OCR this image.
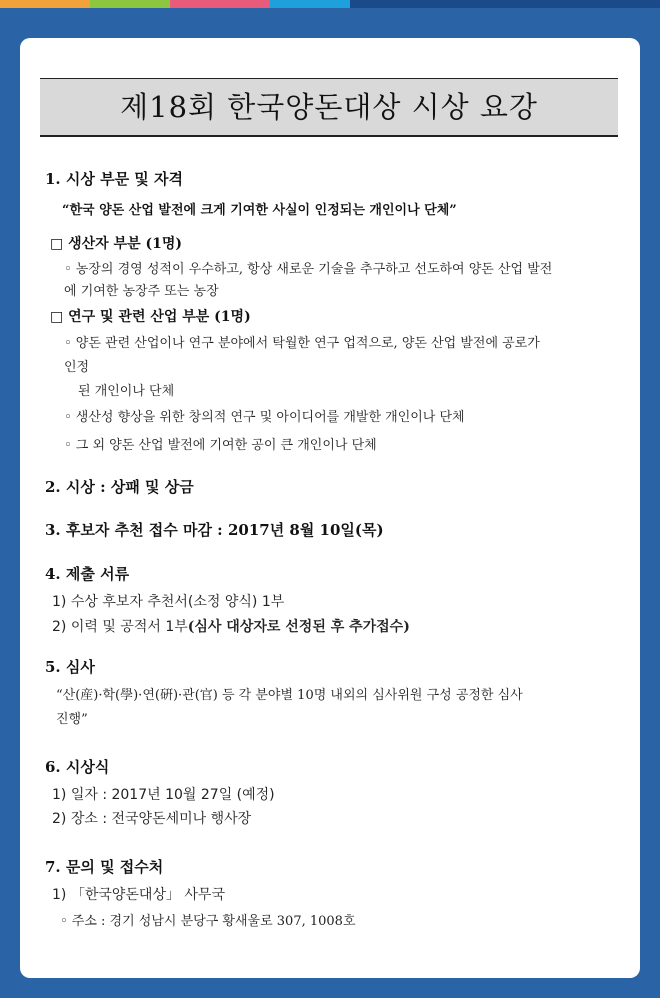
제18회 한국양돈대상 시상 요강
1. 시상 부문 및 자격
“한국 양돈 산업 발전에 크게 기여한 사실이 인정되는 개인이나 단체”
□ 생산자 부분 (1명)
◦ 농장의 경영 성적이 우수하고, 항상 새로운 기술을 추구하고 선도하여 양돈 산업 발전
에 기여한 농장주 또는 농장
□ 연구 및 관련 산업 부분 (1명)
◦ 양돈 관련 산업이나 연구 분야에서 탁월한 연구 업적으로, 양돈 산업 발전에 공로가
인정
된 개인이나 단체
◦ 생산성 향상을 위한 창의적 연구 및 아이디어를 개발한 개인이나 단체
◦ 그 외 양돈 산업 발전에 기여한 공이 큰 개인이나 단체
2. 시상 : 상패 및 상금
3. 후보자 추천 접수 마감 : 2017년 8월 10일(목)
4. 제출 서류
1) 수상 후보자 추천서(소정 양식) 1부
2) 이력 및 공적서 1부(심사 대상자로 선정된 후 추가접수)
5. 심사
“산(産)·학(學)·연(硏)·관(官) 등 각 분야별 10명 내외의 심사위원 구성 공정한 심사
진행”
6. 시상식
1) 일자 : 2017년 10월 27일 (예정)
2) 장소 : 전국양돈세미나 행사장
7. 문의 및 접수처
1) 「한국양돈대상」 사무국
◦ 주소 : 경기 성남시 분당구 황새울로 307, 1008호
